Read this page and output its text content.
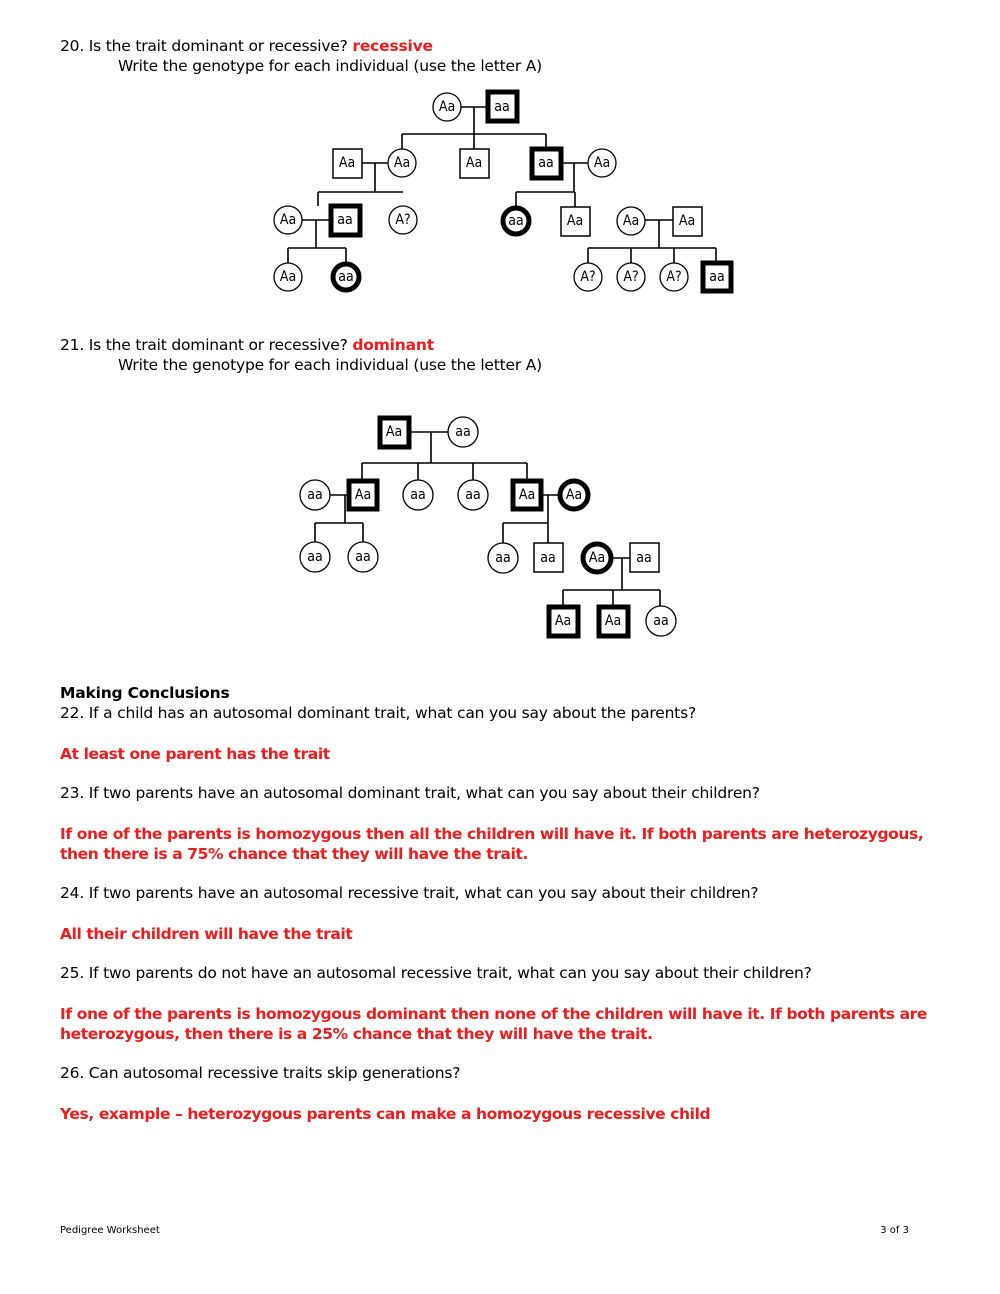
20. Is the trait dominant or recessive? recessive
Write the genotype for each individual (use the letter A)
Aa	aa
Aa	Aa	Aa	aa	Aa
Aa	aa	A?	aa	Aa	Aa	Aa
Aa	aa	A? A? A? aa
21. Is the trait dominant or recessive? dominant
Write the genotype for each individual (use the letter A)
Aa	aa
aa Aa	aa	aa	Aa Aa
aa aa	aa aa Aa aa
Aa Aa aa
Making Conclusions
22. If a child has an autosomal dominant trait, what can you say about the parents?
At least one parent has the trait
23. If two parents have an autosomal dominant trait, what can you say about their children?
If one of the parents is homozygous then all the children will have it. If both parents are heterozygous, then there is a 75% chance that they will have the trait.
24. If two parents have an autosomal recessive trait, what can you say about their children?
All their children will have the trait
25. If two parents do not have an autosomal recessive trait, what can you say about their children?
If one of the parents is homozygous dominant then none of the children will have it. If both parents are heterozygous, then there is a 25% chance that they will have the trait.
26. Can autosomal recessive traits skip generations?
Yes, example – heterozygous parents can make a homozygous recessive child
Pedigree Worksheet	3 of 3
